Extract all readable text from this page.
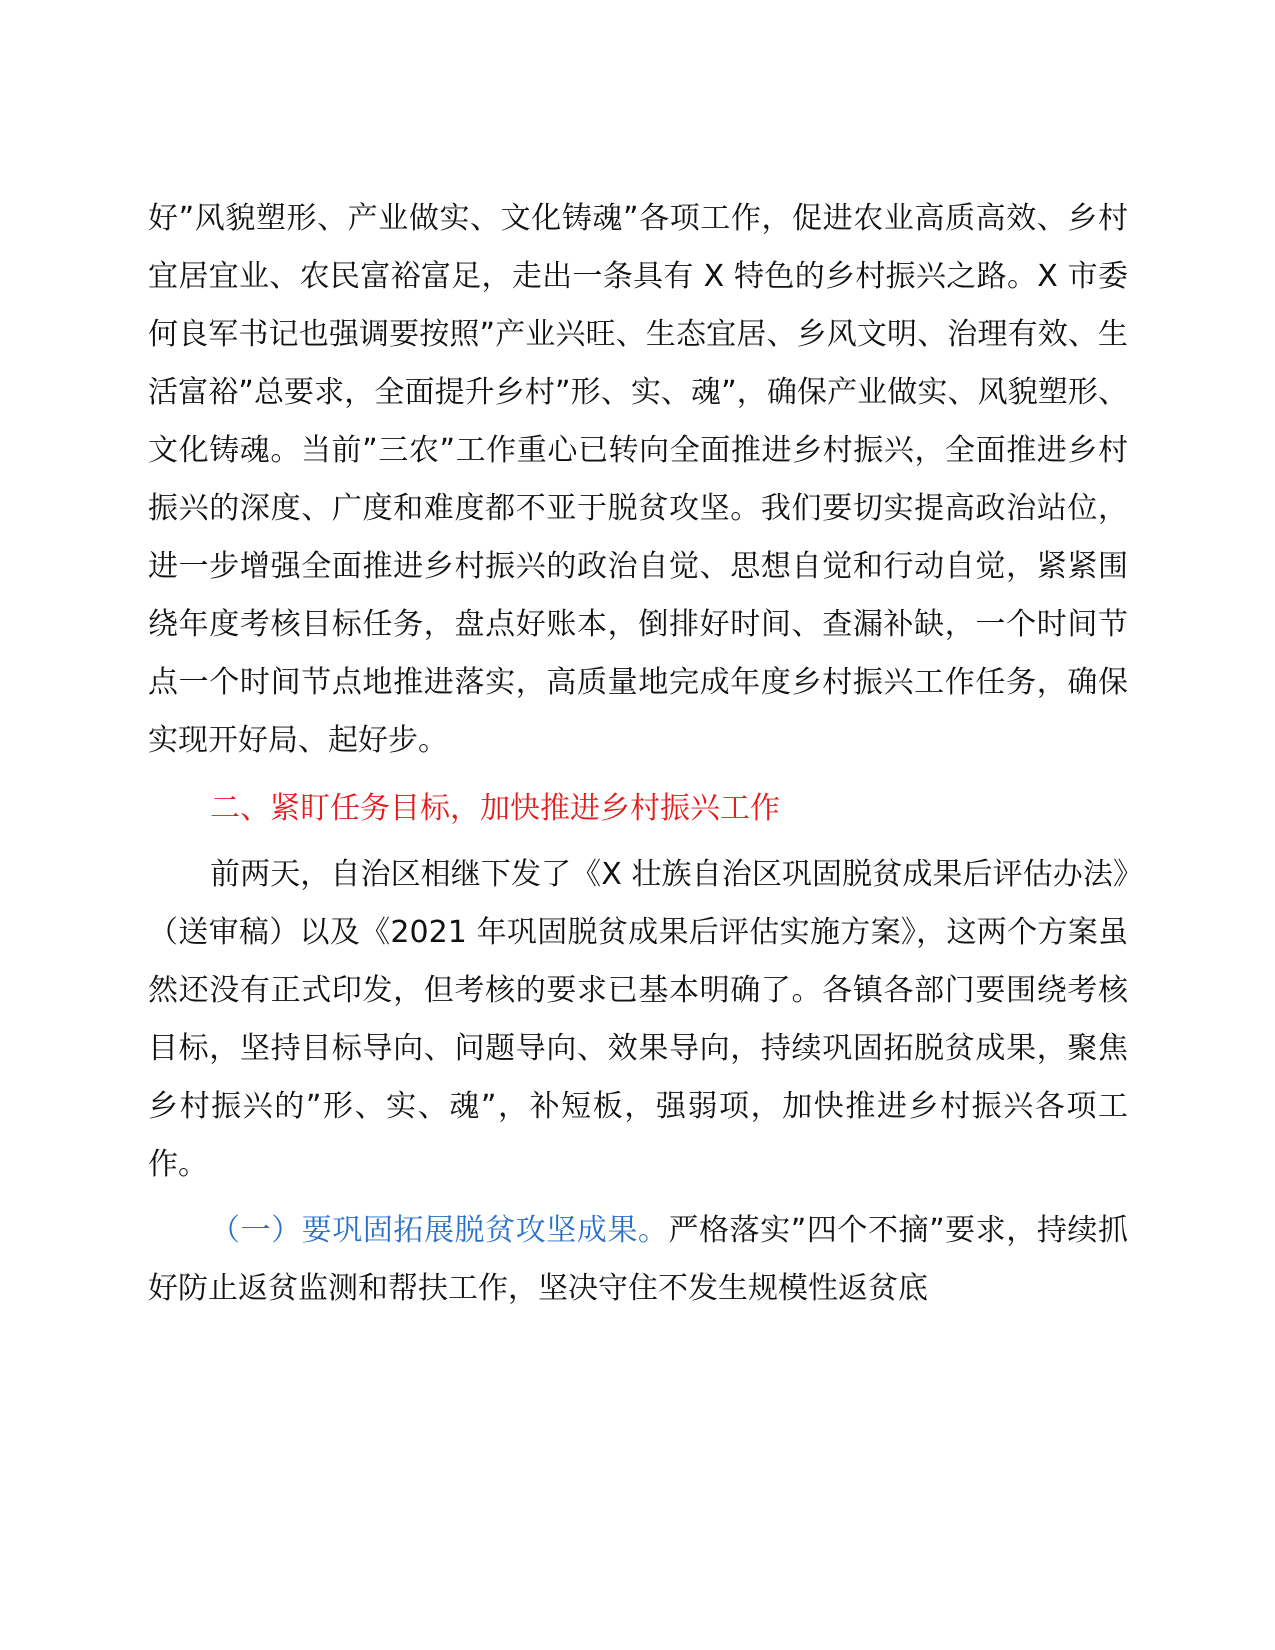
好”风貌塑形、产业做实、文化铸魂”各项工作，促进农业高质高效、乡村宜居宜业、农民富裕富足，走出一条具有 X 特色的乡村振兴之路。X 市委何良军书记也强调要按照”产业兴旺、生态宜居、乡风文明、治理有效、生活富裕”总要求，全面提升乡村”形、实、魂”，确保产业做实、风貌塑形、文化铸魂。当前”三农”工作重心已转向全面推进乡村振兴，全面推进乡村振兴的深度、广度和难度都不亚于脱贫攻坚。我们要切实提高政治站位，进一步增强全面推进乡村振兴的政治自觉、思想自觉和行动自觉，紧紧围绕年度考核目标任务，盘点好账本，倒排好时间、查漏补缺，一个时间节点一个时间节点地推进落实，高质量地完成年度乡村振兴工作任务，确保实现开好局、起好步。

二、紧盯任务目标，加快推进乡村振兴工作

前两天，自治区相继下发了《X 壮族自治区巩固脱贫成果后评估办法》（送审稿）以及《2021 年巩固脱贫成果后评估实施方案》，这两个方案虽然还没有正式印发，但考核的要求已基本明确了。各镇各部门要围绕考核目标，坚持目标导向、问题导向、效果导向，持续巩固拓脱贫成果，聚焦乡村振兴的”形、实、魂”，补短板，强弱项，加快推进乡村振兴各项工作。

（一）要巩固拓展脱贫攻坚成果。严格落实”四个不摘”要求，持续抓好防止返贫监测和帮扶工作，坚决守住不发生规模性返贫底
